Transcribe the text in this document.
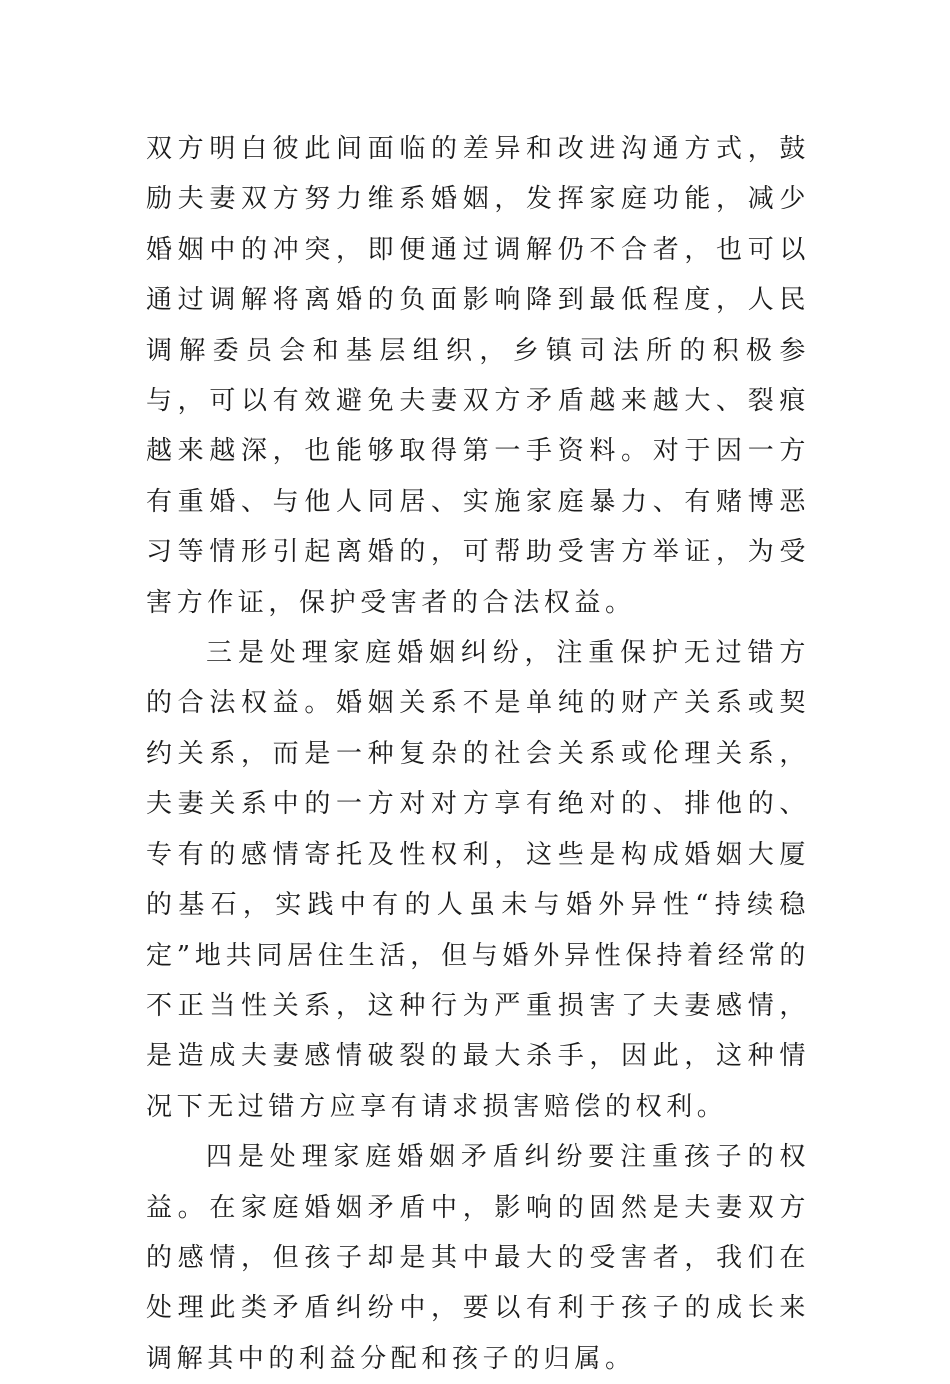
双方明白彼此间面临的差异和改进沟通方式，鼓励夫妻双方努力维系婚姻，发挥家庭功能，减少婚姻中的冲突，即便通过调解仍不合者，也可以通过调解将离婚的负面影响降到最低程度，人民调解委员会和基层组织，乡镇司法所的积极参与，可以有效避免夫妻双方矛盾越来越大、裂痕越来越深，也能够取得第一手资料。对于因一方有重婚、与他人同居、实施家庭暴力、有赌博恶习等情形引起离婚的，可帮助受害方举证，为受害方作证，保护受害者的合法权益。

三是处理家庭婚姻纠纷，注重保护无过错方的合法权益。婚姻关系不是单纯的财产关系或契约关系，而是一种复杂的社会关系或伦理关系，夫妻关系中的一方对对方享有绝对的、排他的、专有的感情寄托及性权利，这些是构成婚姻大厦的基石，实践中有的人虽未与婚外异性“持续稳定”地共同居住生活，但与婚外异性保持着经常的不正当性关系，这种行为严重损害了夫妻感情，是造成夫妻感情破裂的最大杀手，因此，这种情况下无过错方应享有请求损害赔偿的权利。

四是处理家庭婚姻矛盾纠纷要注重孩子的权益。在家庭婚姻矛盾中，影响的固然是夫妻双方的感情，但孩子却是其中最大的受害者，我们在处理此类矛盾纠纷中，要以有利于孩子的成长来调解其中的利益分配和孩子的归属。
